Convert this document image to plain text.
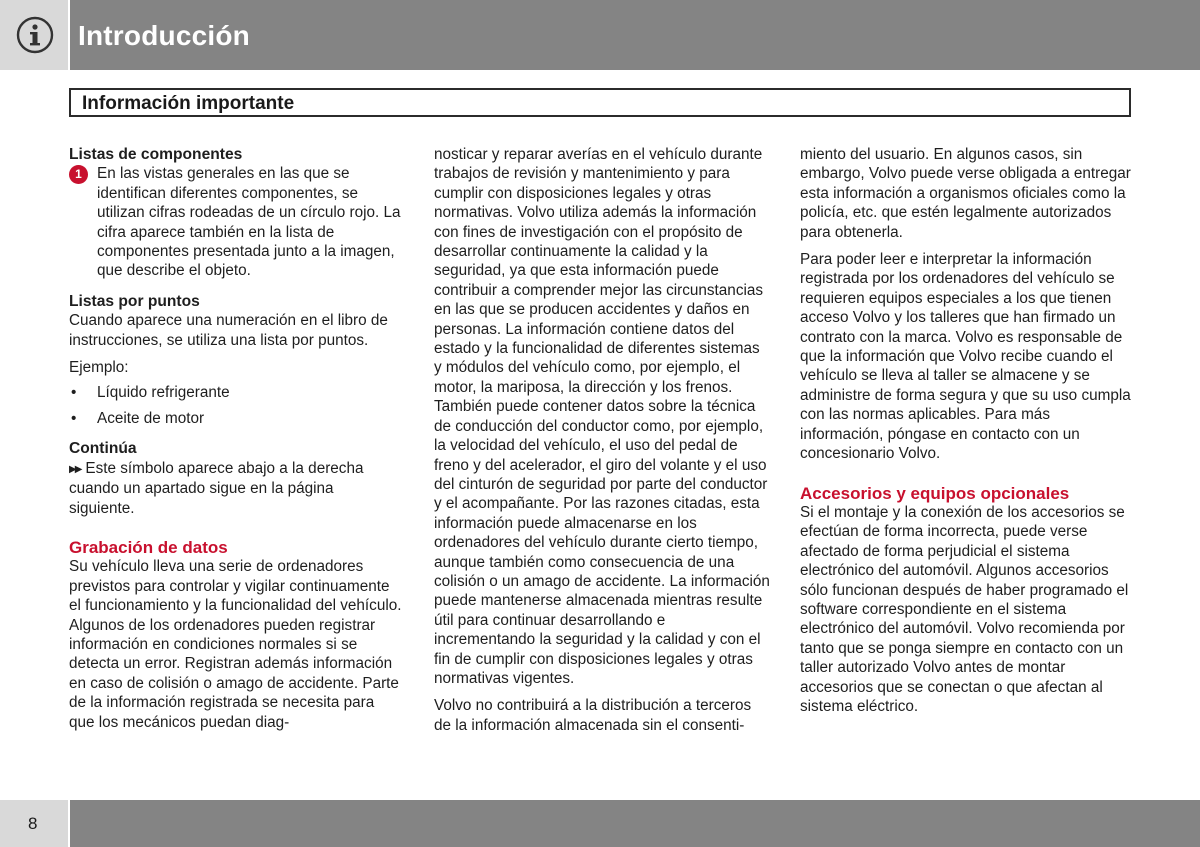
Introducción
Información importante

Listas de componentes

1 En las vistas generales en las que se identifican diferentes componentes, se utilizan cifras rodeadas de un círculo rojo. La cifra aparece también en la lista de componentes presentada junto a la imagen, que describe el objeto.

Listas por puntos

Cuando aparece una numeración en el libro de instrucciones, se utiliza una lista por puntos.

Ejemplo:

•	Líquido refrigerante
•	Aceite de motor

Continúa

▶▶ Este símbolo aparece abajo a la derecha cuando un apartado sigue en la página siguiente.

Grabación de datos

Su vehículo lleva una serie de ordenadores previstos para controlar y vigilar continuamente el funcionamiento y la funcionalidad del vehículo. Algunos de los ordenadores pueden registrar información en condiciones normales si se detecta un error. Registran además información en caso de colisión o amago de accidente. Parte de la información registrada se necesita para que los mecánicos puedan diag-

nosticar y reparar averías en el vehículo durante trabajos de revisión y mantenimiento y para cumplir con disposiciones legales y otras normativas. Volvo utiliza además la información con fines de investigación con el propósito de desarrollar continuamente la calidad y la seguridad, ya que esta información puede contribuir a comprender mejor las circunstancias en las que se producen accidentes y daños en personas. La información contiene datos del estado y la funcionalidad de diferentes sistemas y módulos del vehículo como, por ejemplo, el motor, la mariposa, la dirección y los frenos. También puede contener datos sobre la técnica de conducción del conductor como, por ejemplo, la velocidad del vehículo, el uso del pedal de freno y del acelerador, el giro del volante y el uso del cinturón de seguridad por parte del conductor y el acompañante. Por las razones citadas, esta información puede almacenarse en los ordenadores del vehículo durante cierto tiempo, aunque también como consecuencia de una colisión o un amago de accidente. La información puede mantenerse almacenada mientras resulte útil para continuar desarrollando e incrementando la seguridad y la calidad y con el fin de cumplir con disposiciones legales y otras normativas vigentes.

Volvo no contribuirá a la distribución a terceros de la información almacenada sin el consenti-

miento del usuario. En algunos casos, sin embargo, Volvo puede verse obligada a entregar esta información a organismos oficiales como la policía, etc. que estén legalmente autorizados para obtenerla.

Para poder leer e interpretar la información registrada por los ordenadores del vehículo se requieren equipos especiales a los que tienen acceso Volvo y los talleres que han firmado un contrato con la marca. Volvo es responsable de que la información que Volvo recibe cuando el vehículo se lleva al taller se almacene y se administre de forma segura y que su uso cumpla con las normas aplicables. Para más información, póngase en contacto con un concesionario Volvo.

Accesorios y equipos opcionales

Si el montaje y la conexión de los accesorios se efectúan de forma incorrecta, puede verse afectado de forma perjudicial el sistema electrónico del automóvil. Algunos accesorios sólo funcionan después de haber programado el software correspondiente en el sistema electrónico del automóvil. Volvo recomienda por tanto que se ponga siempre en contacto con un taller autorizado Volvo antes de montar accesorios que se conectan o que afectan al sistema eléctrico.

8
